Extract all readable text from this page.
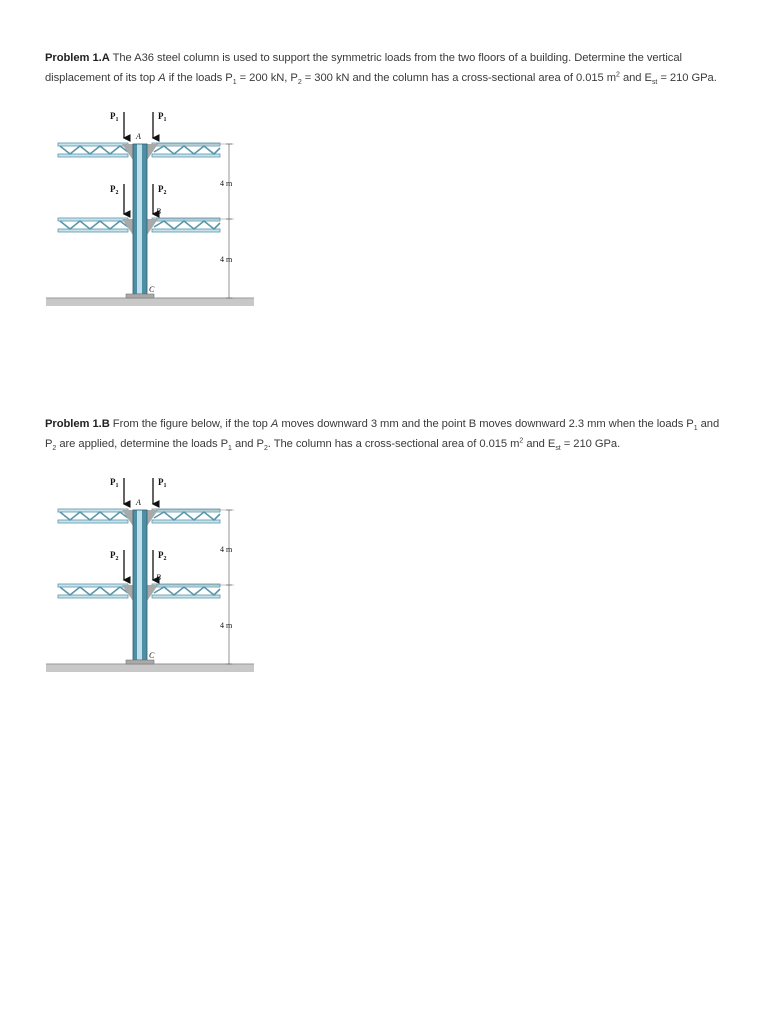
Problem 1.A The A36 steel column is used to support the symmetric loads from the two floors of a building. Determine the vertical displacement of its top A if the loads $P_1 = 200$ kN, $P_2 = 300$ kN and the column has a cross-sectional area of 0.015 $m^2$ and $E_{st} = 210$ GPa.
$P_1$	$P_1$
$P_2$	$P_2$
A
B
C
4 m
4 m
Problem 1.B From the figure below, if the top A moves downward 3 mm and the point B moves downward 2.3 mm when the loads $P_1$ and $P_2$ are applied, determine the loads $P_1$ and $P_2$. The column has a cross-sectional area of 0.015 $m^2$ and $E_{st} = 210$ GPa.
$P_1$	$P_1$
$P_2$	$P_2$
A
B
C
4 m
4 m
